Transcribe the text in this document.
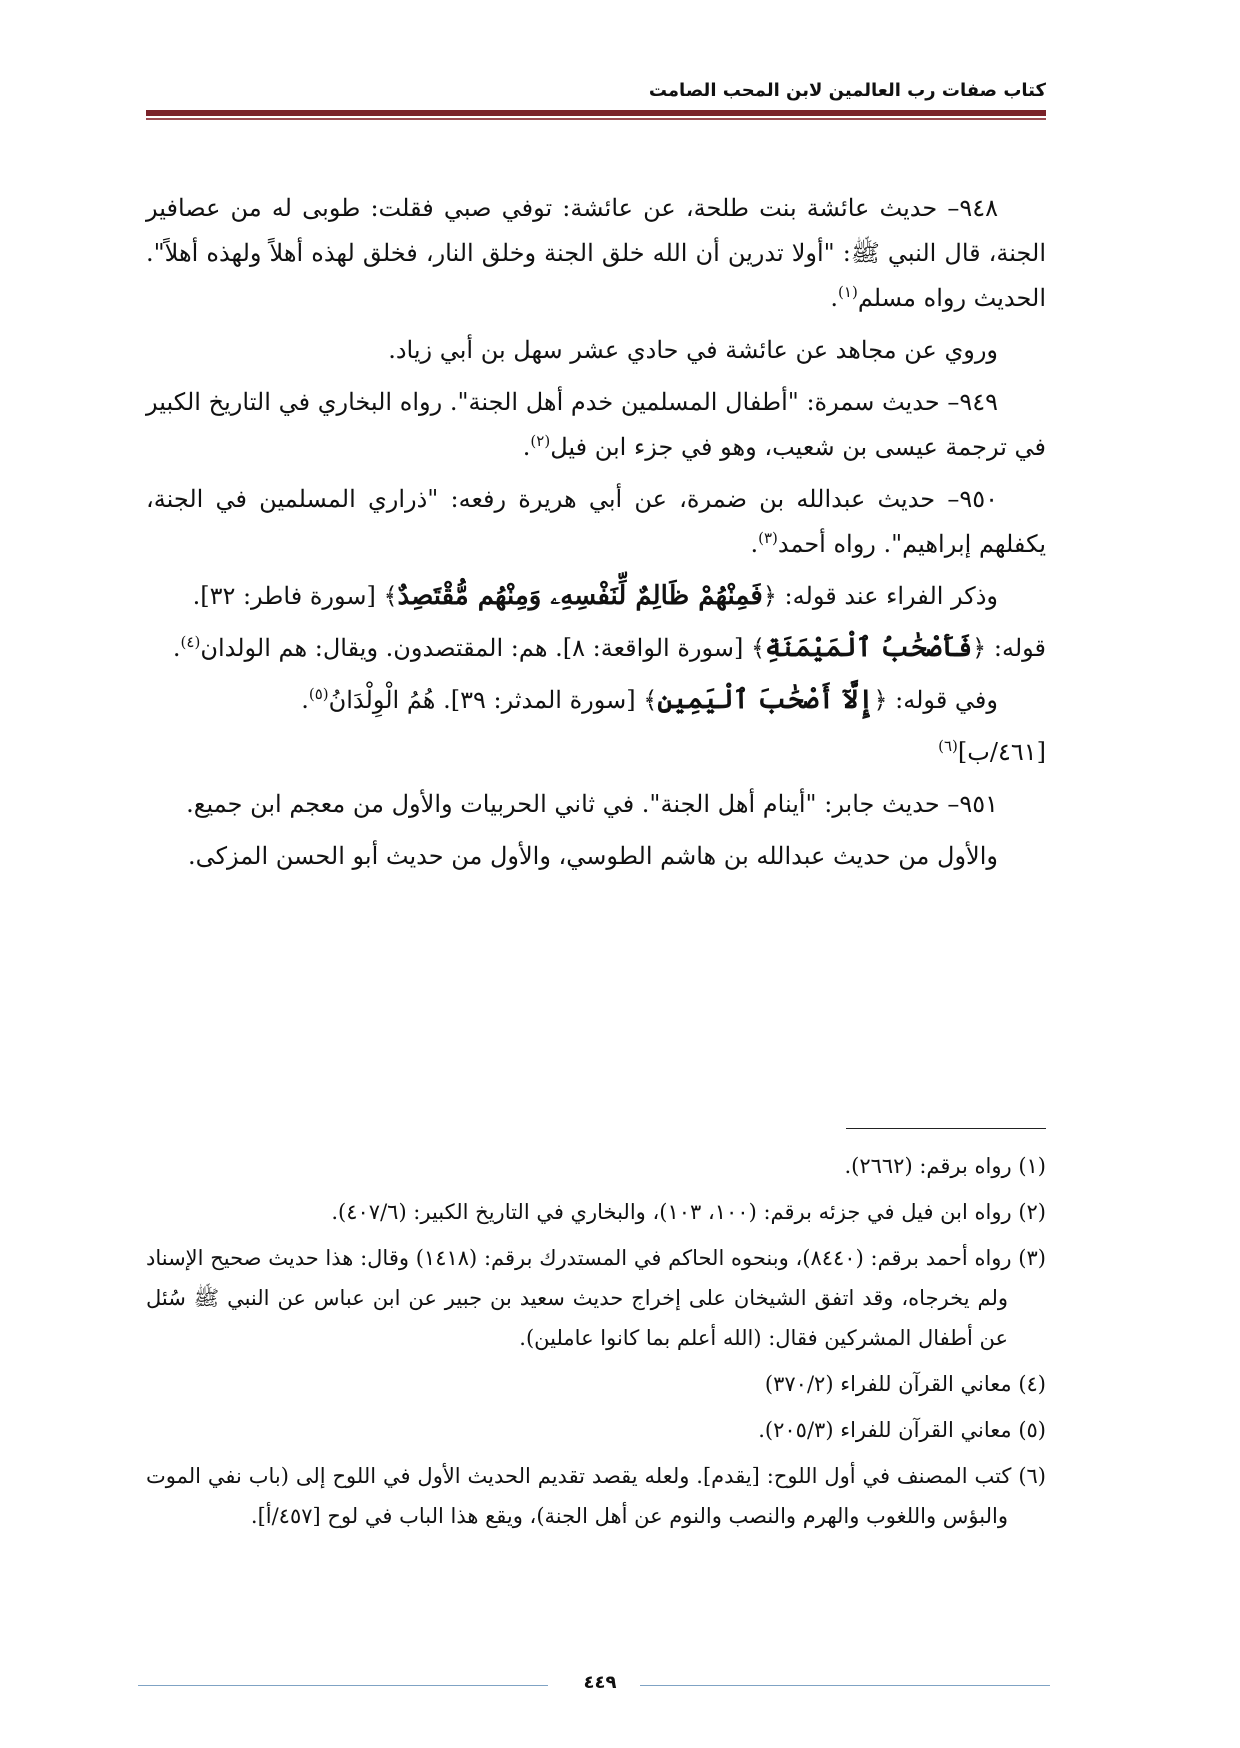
كتاب صفات رب العالمين لابن المحب الصامت

٩٤٨– حديث عائشة بنت طلحة، عن عائشة: توفي صبي فقلت: طوبى له من عصافير الجنة، قال النبي ﷺ: "أولا تدرين أن الله خلق الجنة وخلق النار، فخلق لهذه أهلاً ولهذه أهلاً". الحديث رواه مسلم$^{(١)}$.

وروي عن مجاهد عن عائشة في حادي عشر سهل بن أبي زياد.

٩٤٩– حديث سمرة: "أطفال المسلمين خدم أهل الجنة". رواه البخاري في التاريخ الكبير في ترجمة عيسى بن شعيب، وهو في جزء ابن فيل$^{(٢)}$.

٩٥٠– حديث عبدالله بن ضمرة، عن أبي هريرة رفعه: "ذراري المسلمين في الجنة، يكفلهم إبراهيم". رواه أحمد$^{(٣)}$.

وذكر الفراء عند قوله: ﴿فَمِنْهُمْ ظَالِمٌ لِّنَفْسِهِۦ وَمِنْهُم مُّقْتَصِدٌ﴾ [سورة فاطر: ٣٢].

قوله: ﴿فَأَصْحَٰبُ ٱلْمَيْمَنَةِ﴾ [سورة الواقعة: ٨]. هم: المقتصدون. ويقال: هم الولدان$^{(٤)}$.

وفي قوله: ﴿إِلَّآ أَصْحَٰبَ ٱلْيَمِينِ﴾ [سورة المدثر: ٣٩]. هُمُ الْوِلْدَانُ$^{(٥)}$.

[٤٦١/ب]$^{(٦)}$

٩٥١– حديث جابر: "أينام أهل الجنة". في ثاني الحربيات والأول من معجم ابن جميع.

والأول من حديث عبدالله بن هاشم الطوسي، والأول من حديث أبو الحسن المزكى.

(١) رواه برقم: (٢٦٦٢).

(٢) رواه ابن فيل في جزئه برقم: (١٠٠، ١٠٣)، والبخاري في التاريخ الكبير: (٤٠٧/٦).

(٣) رواه أحمد برقم: (٨٤٤٠)، وبنحوه الحاكم في المستدرك برقم: (١٤١٨) وقال: هذا حديث صحيح الإسناد ولم يخرجاه، وقد اتفق الشيخان على إخراج حديث سعيد بن جبير عن ابن عباس عن النبي ﷺ سُئل عن أطفال المشركين فقال: (الله أعلم بما كانوا عاملين).

(٤) معاني القرآن للفراء (٣٧٠/٢)

(٥) معاني القرآن للفراء (٢٠٥/٣).

(٦) كتب المصنف في أول اللوح: [يقدم]. ولعله يقصد تقديم الحديث الأول في اللوح إلى (باب نفي الموت والبؤس واللغوب والهرم والنصب والنوم عن أهل الجنة)، ويقع هذا الباب في لوح [٤٥٧/أ].

٤٤٩
